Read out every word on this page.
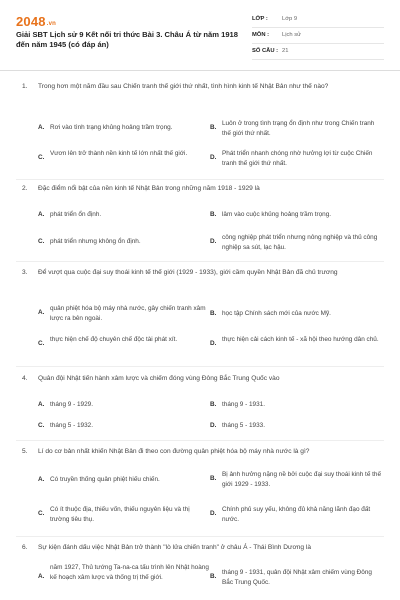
2048.vn
Giải SBT Lịch sử 9 Kết nối tri thức Bài 3. Châu Á từ năm 1918 đến năm 1945 (có đáp án)
LỚP : Lớp 9
MÔN : Lịch sử
SỐ CÂU : 21
1. Trong hơn một năm đầu sau Chiến tranh thế giới thứ nhất, tình hình kinh tế Nhật Bản như thế nào?
A. Rơi vào tình trạng khủng hoảng trầm trọng.	B.
Luôn ở trong tình trạng ổn định như trong Chiến tranh thế giới thứ nhất.
C.
Vươn lên trở thành nền kinh tế lớn nhất thế giới.
D.
Phát triển nhanh chóng nhờ hưởng lợi từ cuộc Chiến tranh thế giới thứ nhất.
2. Đặc điểm nổi bật của nền kinh tế Nhật Bản trong những năm 1918 - 1929 là
A. phát triển ổn định.	B. lâm vào cuộc khủng hoảng trầm trọng.
C. phát triển nhưng không ổn định.	D.
công nghiệp phát triển nhưng nông nghiệp và thủ công nghiệp sa sút, lạc hậu.
3. Để vượt qua cuộc đại suy thoái kinh tế thế giới (1929 - 1933), giới cầm quyền Nhật Bản đã chủ trương
A.
quân phiệt hóa bộ máy nhà nước, gây chiến tranh xâm lược ra bên ngoài.
B. học tập Chính sách mới của nước Mỹ.
C.
thực hiện chế độ chuyên chế độc tài phát xít.
D.
thực hiện cải cách kinh tế - xã hội theo hướng dân chủ.
4. Quân đội Nhật tiến hành xâm lược và chiếm đóng vùng Đông Bắc Trung Quốc vào
A. tháng 9 - 1929.	B. tháng 9 - 1931.
C. tháng 5 - 1932.	D. tháng 5 - 1933.
5. Lí do cơ bản nhất khiến Nhật Bản đi theo con đường quân phiệt hóa bộ máy nhà nước là gì?
A. Có truyền thống quân phiệt hiếu chiến.	B.
Bị ảnh hưởng nặng nề bởi cuộc đại suy thoái kinh tế thế giới 1929 - 1933.
C.
Có ít thuộc địa, thiếu vốn, thiếu nguyên liệu và thị trường tiêu thụ.
D.
Chính phủ suy yếu, không đủ khả năng lãnh đạo đất nước.
6. Sự kiện đánh dấu việc Nhật Bản trở thành "lò lửa chiến tranh" ở châu Á - Thái Bình Dương là
A.
năm 1927, Thủ tướng Ta-na-ca tấu trình lên Nhật hoàng kế hoạch xâm lược và thống trị thế giới.	B.
tháng 9 - 1931, quân đội Nhật xâm chiếm vùng Đông Bắc Trung Quốc.
